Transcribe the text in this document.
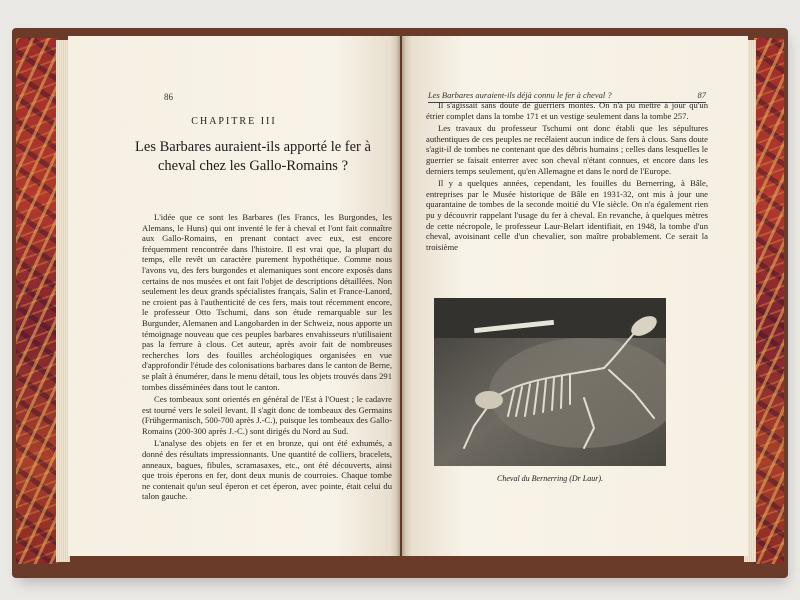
86
CHAPITRE III
Les Barbares auraient-ils apporté le fer à cheval chez les Gallo-Romains ?

L'idée que ce sont les Barbares (les Francs, les Burgondes, les Alemans, le Huns) qui ont inventé le fer à cheval et l'ont fait connaître aux Gallo-Romains, en prenant contact avec eux, est encore fréquemment rencontrée dans l'histoire. Il est vrai que, la plupart du temps, elle revêt un caractère purement hypothétique. Comme nous l'avons vu, des fers burgondes et alemaniques sont encore exposés dans certains de nos musées et ont fait l'objet de descriptions détaillées. Non seulement les deux grands spécialistes français, Salin et France-Lanord, ne croient pas à l'authenticité de ces fers, mais tout récemment encore, le professeur Otto Tschumi, dans son étude remarquable sur les Burgunder, Alemanen and Langobarden in der Schweiz, nous apporte un témoignage nouveau que ces peuples barbares envahisseurs n'utilisaient pas la ferrure à clous. Cet auteur, après avoir fait de nombreuses recherches lors des fouilles archéologiques organisées en vue d'approfondir l'étude des colonisations barbares dans le canton de Berne, se plaît à énumérer, dans le menu détail, tous les objets trouvés dans 291 tombes disséminées dans tout le canton.

Ces tombeaux sont orientés en général de l'Est à l'Ouest ; le cadavre est tourné vers le soleil levant. Il s'agit donc de tombeaux des Germains (Frühgermanisch, 500-700 après J.-C.), puisque les tombeaux des Gallo-Romains (200-300 après J.-C.) sont dirigés du Nord au Sud.

L'analyse des objets en fer et en bronze, qui ont été exhumés, a donné des résultats impressionnants. Une quantité de colliers, bracelets, anneaux, bagues, fibules, scramasaxes, etc., ont été découverts, ainsi que trois éperons en fer, dont deux munis de courroies. Chaque tombe ne contenait qu'un seul éperon et cet éperon, avec pointe, était celui du talon gauche.

Les Barbares auraient-ils déjà connu le fer à cheval ?	87

Il s'agissait sans doute de guerriers montés. On n'a pu mettre à jour qu'un étrier complet dans la tombe 171 et un vestige seulement dans la tombe 257.

Les travaux du professeur Tschumi ont donc établi que les sépultures authentiques de ces peuples ne recélaient aucun indice de fers à clous. Sans doute s'agit-il de tombes ne contenant que des débris humains ; celles dans lesquelles le guerrier se faisait enterrer avec son cheval n'étant connues, et encore dans les derniers temps seulement, qu'en Allemagne et dans le nord de l'Europe.

Il y a quelques années, cependant, les fouilles du Bernerring, à Bâle, entreprises par le Musée historique de Bâle en 1931-32, ont mis à jour une quarantaine de tombes de la seconde moitié du VIe siècle. On n'a également rien pu y découvrir rappelant l'usage du fer à cheval. En revanche, à quelques mètres de cette nécropole, le professeur Laur-Belart identifiait, en 1948, la tombe d'un cheval, avoisinant celle d'un chevalier, son maître probablement. Ce serait la troisième

Cheval du Bernerring (Dr Laur).
